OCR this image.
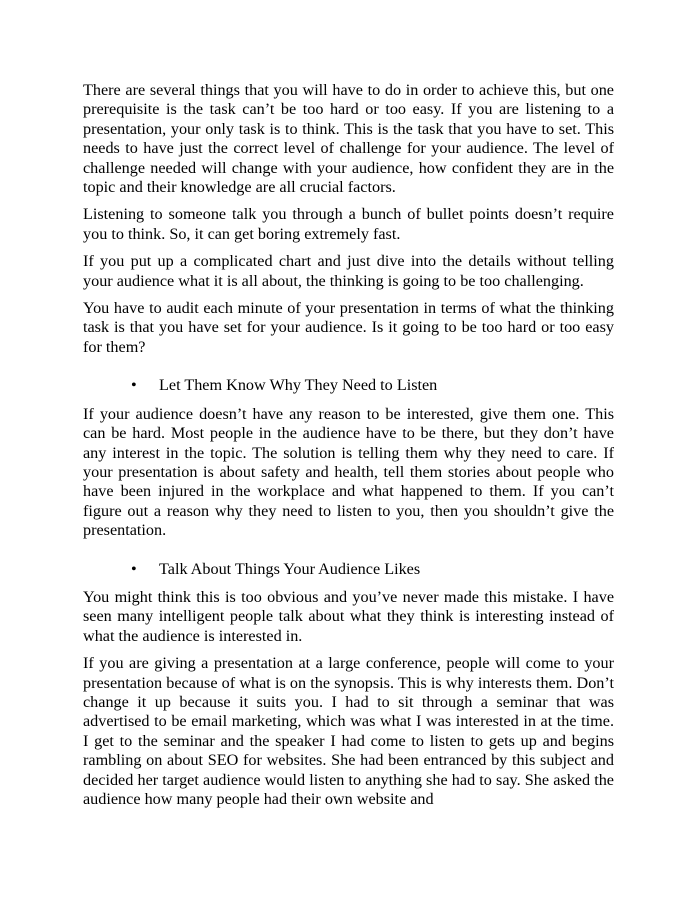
There are several things that you will have to do in order to achieve this, but one prerequisite is the task can’t be too hard or too easy. If you are listening to a presentation, your only task is to think. This is the task that you have to set. This needs to have just the correct level of challenge for your audience. The level of challenge needed will change with your audience, how confident they are in the topic and their knowledge are all crucial factors.

Listening to someone talk you through a bunch of bullet points doesn’t require you to think. So, it can get boring extremely fast.

If you put up a complicated chart and just dive into the details without telling your audience what it is all about, the thinking is going to be too challenging.

You have to audit each minute of your presentation in terms of what the thinking task is that you have set for your audience. Is it going to be too hard or too easy for them?

•	Let Them Know Why They Need to Listen

If your audience doesn’t have any reason to be interested, give them one. This can be hard. Most people in the audience have to be there, but they don’t have any interest in the topic. The solution is telling them why they need to care. If your presentation is about safety and health, tell them stories about people who have been injured in the workplace and what happened to them. If you can’t figure out a reason why they need to listen to you, then you shouldn’t give the presentation.

•	Talk About Things Your Audience Likes

You might think this is too obvious and you’ve never made this mistake. I have seen many intelligent people talk about what they think is interesting instead of what the audience is interested in.

If you are giving a presentation at a large conference, people will come to your presentation because of what is on the synopsis. This is why interests them. Don’t change it up because it suits you. I had to sit through a seminar that was advertised to be email marketing, which was what I was interested in at the time. I get to the seminar and the speaker I had come to listen to gets up and begins rambling on about SEO for websites. She had been entranced by this subject and decided her target audience would listen to anything she had to say. She asked the audience how many people had their own website and
